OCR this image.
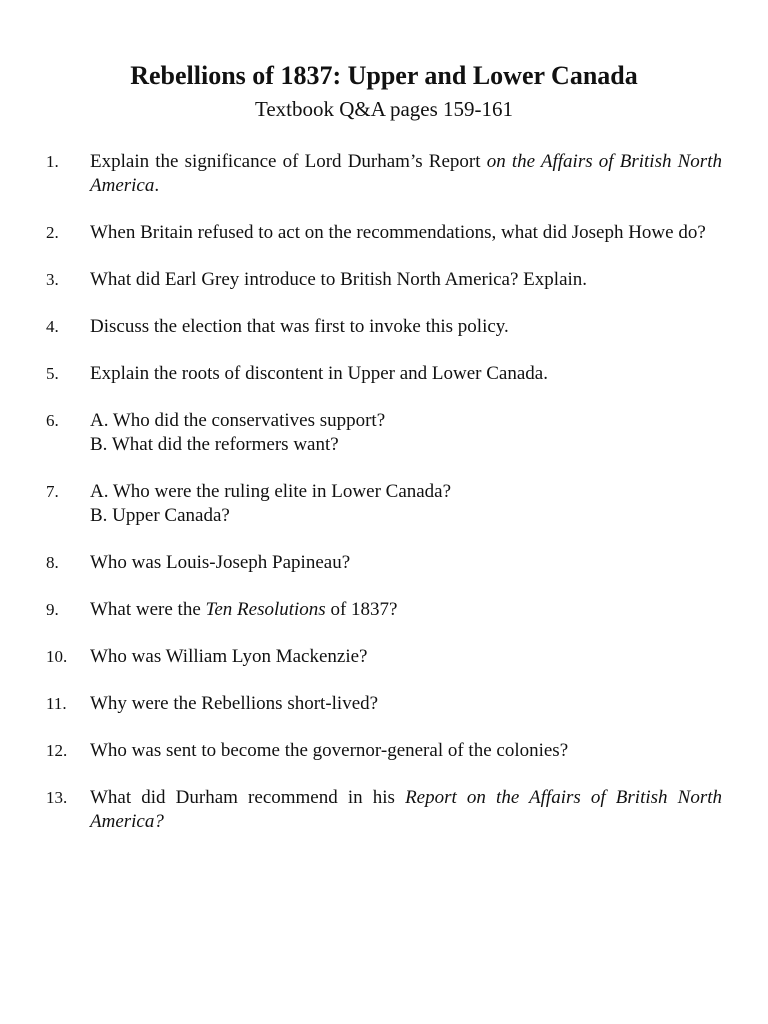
Rebellions of 1837: Upper and Lower Canada

Textbook Q&A pages 159-161

1.	Explain the significance of Lord Durham’s Report on the Affairs of British North America.
2.	When Britain refused to act on the recommendations, what did Joseph Howe do?
3.	What did Earl Grey introduce to British North America? Explain.
4.	Discuss the election that was first to invoke this policy.
5.	Explain the roots of discontent in Upper and Lower Canada.
6.	A. Who did the conservatives support?
B. What did the reformers want?
7.	A. Who were the ruling elite in Lower Canada?
B. Upper Canada?
8.	Who was Louis-Joseph Papineau?
9.	What were the Ten Resolutions of 1837?
10.	Who was William Lyon Mackenzie?
11.	Why were the Rebellions short-lived?
12.	Who was sent to become the governor-general of the colonies?
13.	What did Durham recommend in his Report on the Affairs of British North America?
